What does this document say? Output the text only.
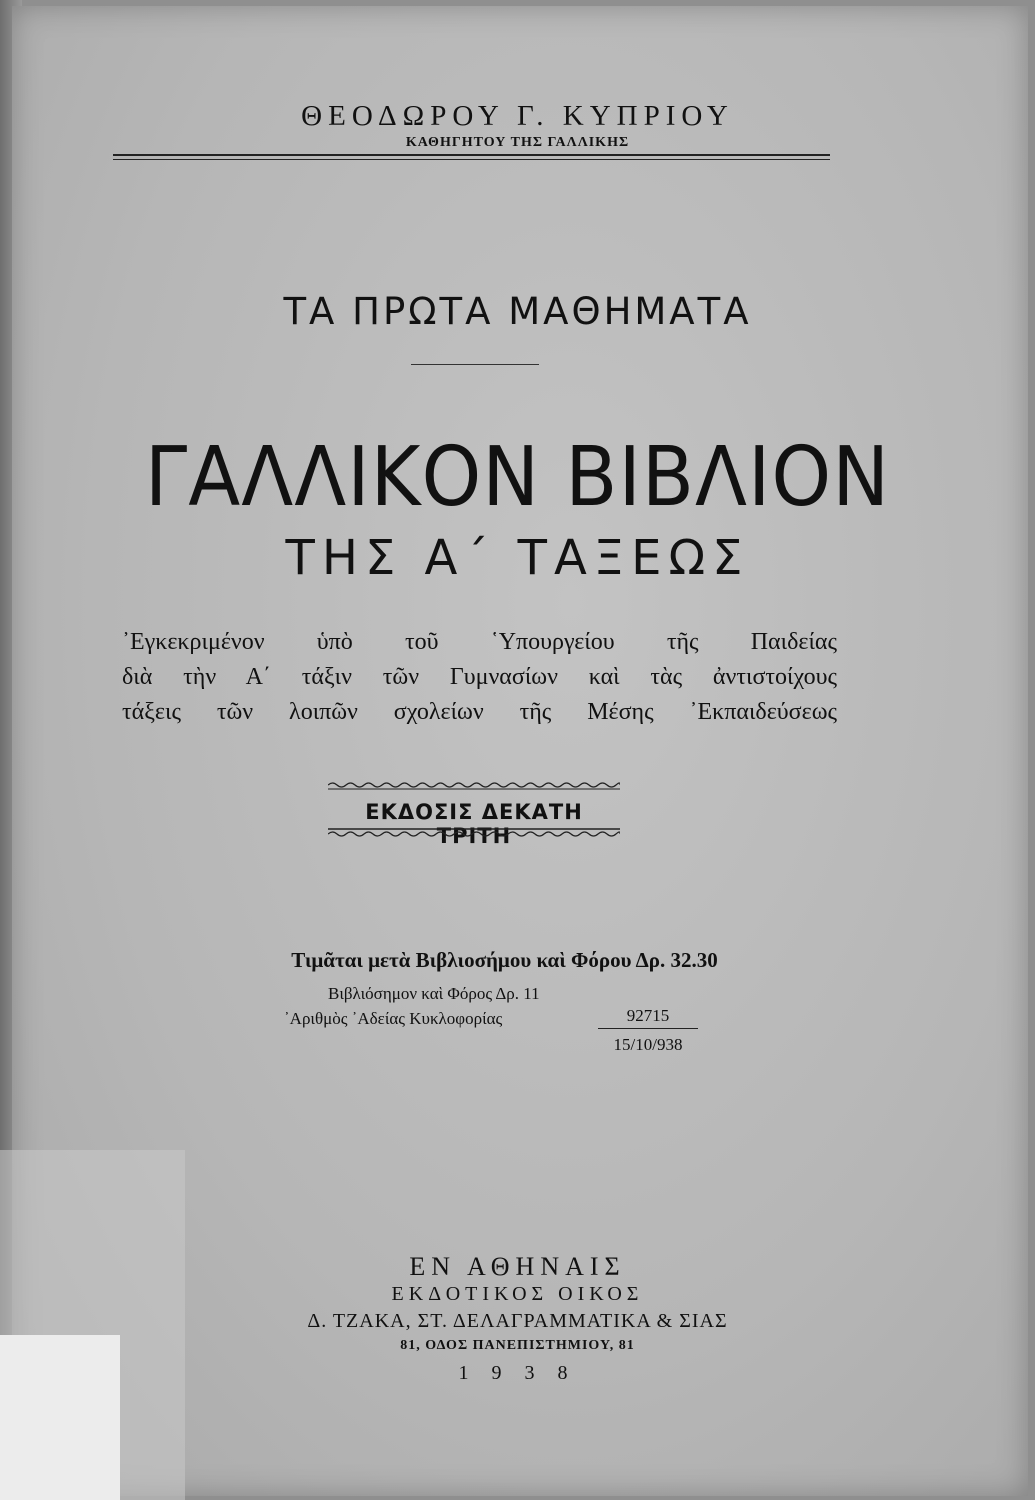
ΘΕΟΔΩΡΟΥ Γ. ΚΥΠΡΙΟΥ
ΚΑΘΗΓΗΤΟΥ ΤΗΣ ΓΑΛΛΙΚΗΣ
ΤΑ ΠΡΩΤΑ ΜΑΘΗΜΑΤΑ
ΓΑΛΛΙΚΟΝ ΒΙΒΛΙΟΝ
ΤΗΣ Α΄ ΤΑΞΕΩΣ
᾿Εγκεκριμένον ὑπὸ τοῦ ῾Υπουργείου τῆς Παιδείας
διὰ τὴν Α΄ τάξιν τῶν Γυμνασίων καὶ τὰς ἀντιστοίχους
τάξεις τῶν λοιπῶν σχολείων τῆς Μέσης ᾿Εκπαιδεύσεως
ΕΚΔΟΣΙΣ ΔΕΚΑΤΗ ΤΡΙΤΗ
Τιμᾶται μετὰ Βιβλιοσήμου καὶ Φόρου Δρ. 32.30
Βιβλιόσημον καὶ Φόρος Δρ. 11
᾿Αριθμὸς ᾿Αδείας Κυκλοφορίας	92715
15/10/938
ΕΝ ΑΘΗΝΑΙΣ
ΕΚΔΟΤΙΚΟΣ ΟΙΚΟΣ
Δ. ΤΖΑΚΑ, ΣΤ. ΔΕΛΑΓΡΑΜΜΑΤΙΚΑ & ΣΙΑΣ
81, ΟΔΟΣ ΠΑΝΕΠΙΣΤΗΜΙΟΥ, 81
1 9 3 8
